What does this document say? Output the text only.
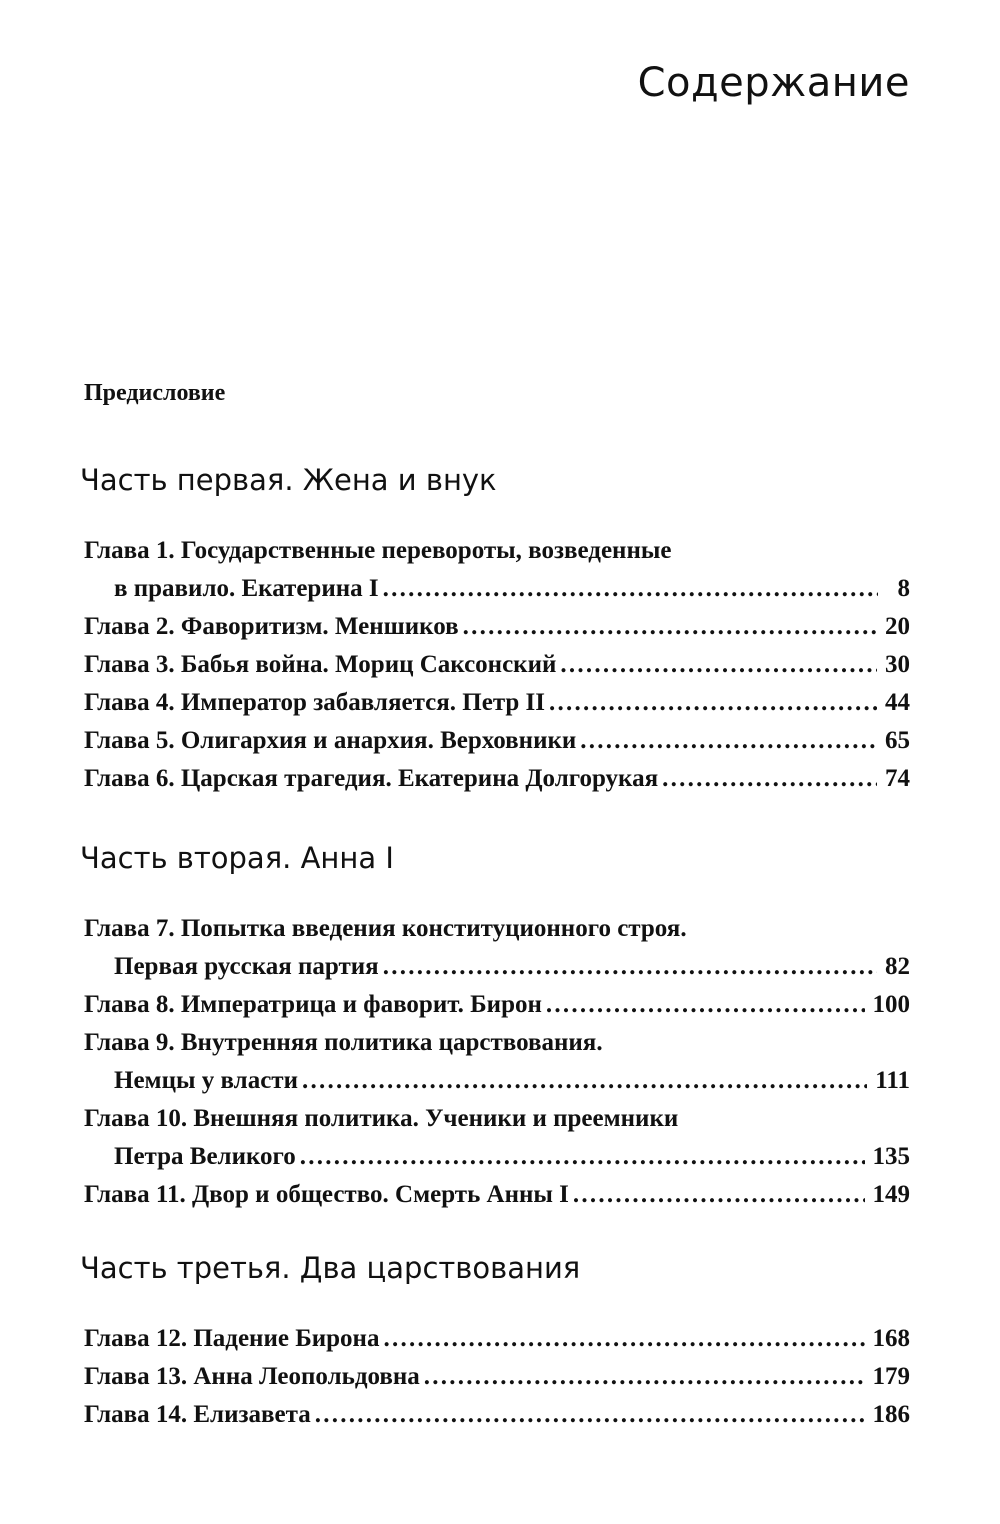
Содержание
Предисловие
Часть первая. Жена и внук
Глава 1. Государственные перевороты, возведенные
в правило. Екатерина I . . .	8
Глава 2. Фаворитизм. Меншиков . . .	20
Глава 3. Бабья война. Мориц Саксонский . . .	30
Глава 4. Император забавляется. Петр II . . .	44
Глава 5. Олигархия и анархия. Верховники . . .	65
Глава 6. Царская трагедия. Екатерина Долгорукая . . .	74
Часть вторая. Анна I
Глава 7. Попытка введения конституционного строя.
Первая русская партия . . .	82
Глава 8. Императрица и фаворит. Бирон . . .	100
Глава 9. Внутренняя политика царствования.
Немцы у власти . . .	111
Глава 10. Внешняя политика. Ученики и преемники
Петра Великого . . .	135
Глава 11. Двор и общество. Смерть Анны I . . .	149
Часть третья. Два царствования
Глава 12. Падение Бирона . . .	168
Глава 13. Анна Леопольдовна . . .	179
Глава 14. Елизавета . . .	186
